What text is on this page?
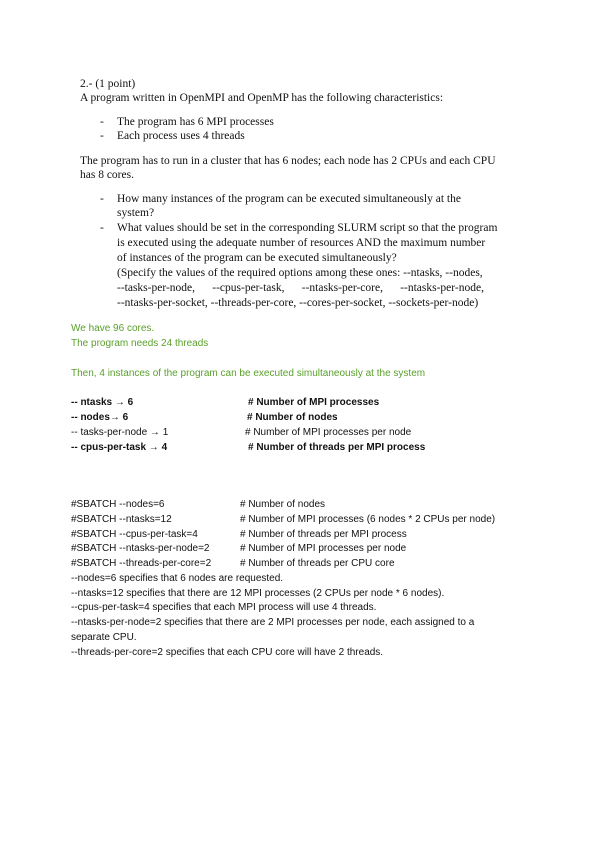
2.- (1 point)
A program written in OpenMPI and OpenMP has the following characteristics:
- The program has 6 MPI processes
- Each process uses 4 threads
The program has to run in a cluster that has 6 nodes; each node has 2 CPUs and each CPU
has 8 cores.
- How many instances of the program can be executed simultaneously at the
system?
- What values should be set in the corresponding SLURM script so that the program
is executed using the adequate number of resources AND the maximum number
of instances of the program can be executed simultaneously?
(Specify the values of the required options among these ones: --ntasks, --nodes,
--tasks-per-node,      --cpus-per-task,      --ntasks-per-core,      --ntasks-per-node,
--ntasks-per-socket, --threads-per-core, --cores-per-socket, --sockets-per-node)
We have 96 cores.
The program needs 24 threads
Then, 4 instances of the program can be executed simultaneously at the system
-- ntasks → 6	# Number of MPI processes
-- nodes→ 6	# Number of nodes
-- tasks-per-node → 1	# Number of MPI processes per node
-- cpus-per-task → 4	# Number of threads per MPI process
#SBATCH --nodes=6	# Number of nodes
#SBATCH --ntasks=12	# Number of MPI processes (6 nodes * 2 CPUs per node)
#SBATCH --cpus-per-task=4	# Number of threads per MPI process
#SBATCH --ntasks-per-node=2	# Number of MPI processes per node
#SBATCH --threads-per-core=2	# Number of threads per CPU core
--nodes=6 specifies that 6 nodes are requested.
--ntasks=12 specifies that there are 12 MPI processes (2 CPUs per node * 6 nodes).
--cpus-per-task=4 specifies that each MPI process will use 4 threads.
--ntasks-per-node=2 specifies that there are 2 MPI processes per node, each assigned to a
separate CPU.
--threads-per-core=2 specifies that each CPU core will have 2 threads.
